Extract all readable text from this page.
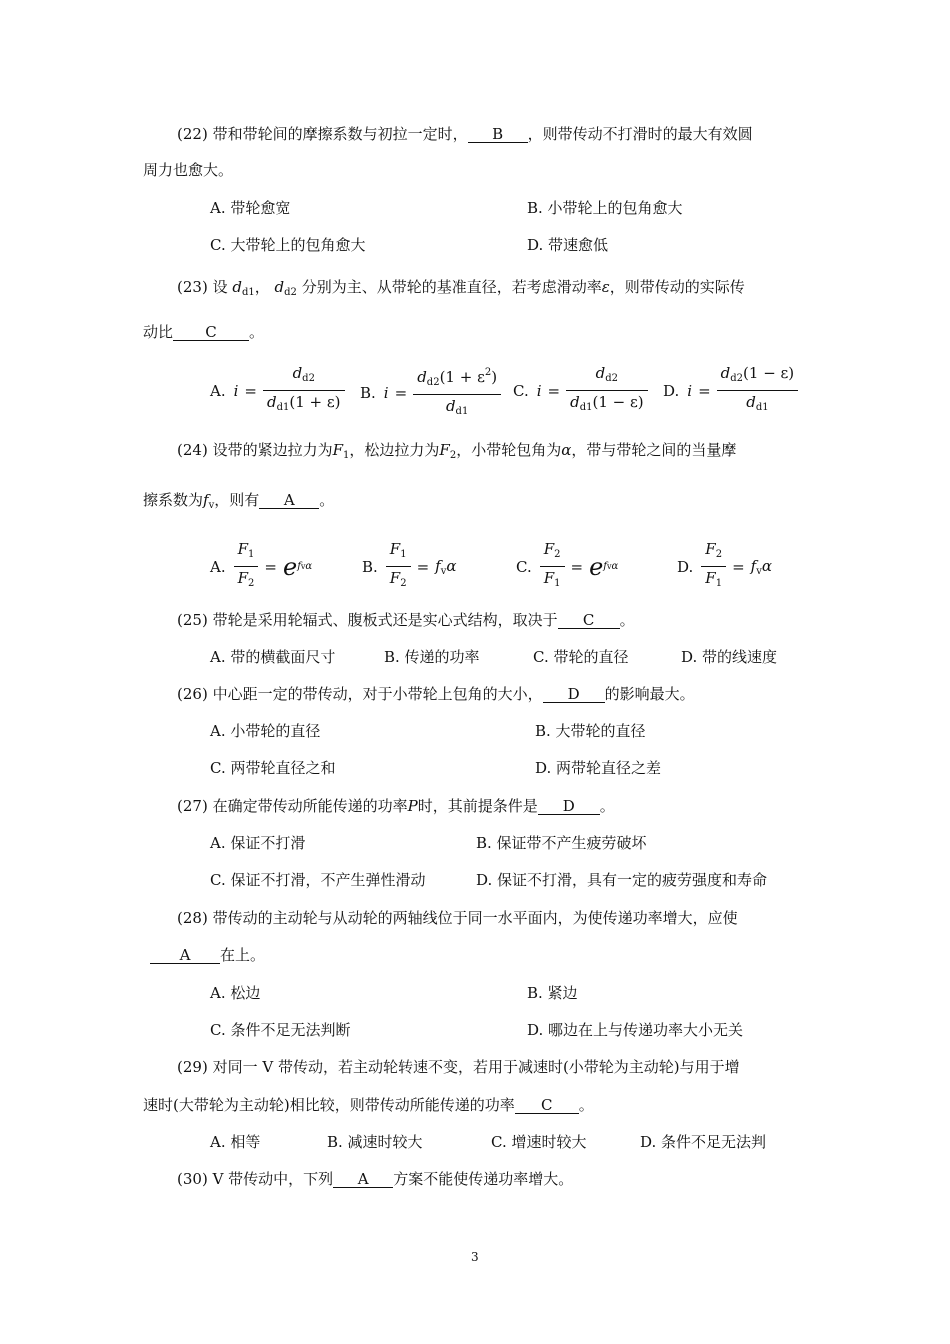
(22) 带和带轮间的摩擦系数与初拉一定时， B ，则带传动不打滑时的最大有效圆
周力也愈大。
A. 带轮愈宽	B. 小带轮上的包角愈大
C. 大带轮上的包角愈大	D. 带速愈低
(23) 设 $d_{d1}$， $d_{d2}$ 分别为主、从带轮的基准直径，若考虑滑动率ε，则带传动的实际传
动比 C 。
A. $i = \frac{d_{d2}}{d_{d1}(1 + \varepsilon)} B$. $i = \frac{d_{d2}(1 + \varepsilon^2)}{d_{d1}} C$. $i = \frac{d_{d2}}{d_{d1}(1 - \varepsilon)} D$. $i = \frac{d_{d2}(1 - \varepsilon)}{d_{d1}}$
(24) 设带的紧边拉力为$F_1$，松边拉力为$F_2$，小带轮包角为α，带与带轮之间的当量摩
擦系数为$f_v$，则有 A 。
A. $\frac{F_1}{F_2} = e$ fvα	B. $\frac{F_1}{F_2} = f_v\alpha$	C. $\frac{F_2}{F_1} = e$ fvα	D. $\frac{F_2}{F_1} = f_v\alpha$
(25) 带轮是采用轮辐式、腹板式还是实心式结构，取决于 C 。
A. 带的横截面尺寸	B. 传递的功率	C. 带轮的直径	D. 带的线速度
(26) 中心距一定的带传动，对于小带轮上包角的大小， D 的影响最大。
A. 小带轮的直径	B. 大带轮的直径
C. 两带轮直径之和	D. 两带轮直径之差
(27) 在确定带传动所能传递的功率P时，其前提条件是 D 。
A. 保证不打滑	B. 保证带不产生疲劳破坏
C. 保证不打滑，不产生弹性滑动	D. 保证不打滑，具有一定的疲劳强度和寿命
(28) 带传动的主动轮与从动轮的两轴线位于同一水平面内，为使传递功率增大，应使
A 在上。
A. 松边	B. 紧边
C. 条件不足无法判断	D. 哪边在上与传递功率大小无关
(29) 对同一 V 带传动，若主动轮转速不变，若用于减速时(小带轮为主动轮)与用于增
速时(大带轮为主动轮)相比较，则带传动所能传递的功率 C 。
A. 相等	B. 减速时较大	C. 增速时较大	D. 条件不足无法判
(30) V 带传动中，下列 A 方案不能使传递功率增大。
3
